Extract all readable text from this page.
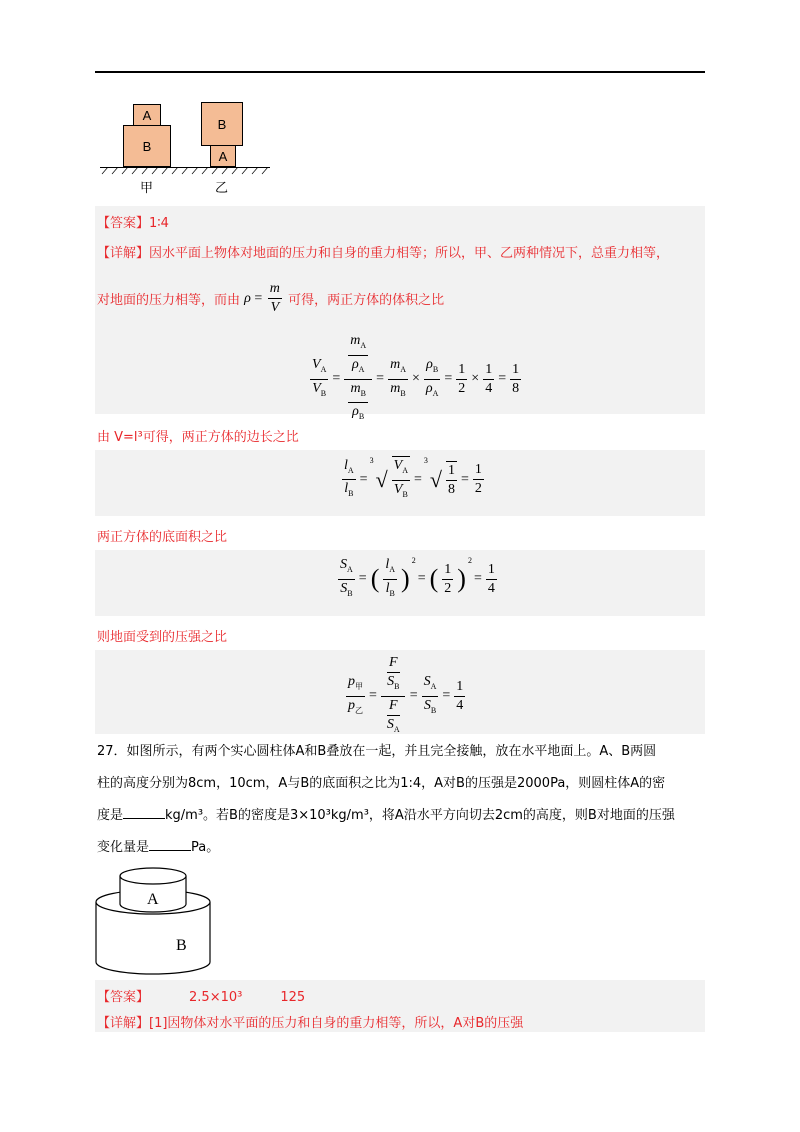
A
B
B
A
甲	乙
【答案】1∶4
【详解】因水平面上物体对地面的压力和自身的重力相等；所以，甲、乙两种情况下，总重力相等，
对地面的压力相等，而由 $\rho = \frac{m}{V}$ 可得，两正方体的体积之比
$\frac{V_A}{V_B} = \frac{\frac{m_A}{\rho_A}}{\frac{m_B}{\rho_B}} = \frac{m_A}{m_B} \times \frac{\rho_B}{\rho_A} = \frac{1}{2} \times \frac{1}{4} = \frac{1}{8}$
由 V=l³可得，两正方体的边长之比
$\frac{l_A}{l_B} =^3√ \frac{V_A}{V_B} =^3√ \frac{1}{8} = \frac{1}{2}$
两正方体的底面积之比
$\frac{S_A}{S_B}$ = ( $\frac{l_A}{l_B} )^2=$ ( $\frac{1}{2} )^2= \frac{1}{4}$
则地面受到的压强之比
$\frac{p_甲}{p_乙} = \frac{\frac{F}{S_B}}{\frac{F}{S_A}} = \frac{S_A}{S_B} = \frac{1}{4}$
27．如图所示，有两个实心圆柱体A和B叠放在一起，并且完全接触，放在水平地面上。A、B两圆
柱的高度分别为8cm，10cm，A与B的底面积之比为1:4，A对B的压强是2000Pa，则圆柱体A的密
度是	kg/m³。若B的密度是3×10³kg/m³，将A沿水平方向切去2cm的高度，则B对地面的压强
变化量是	Pa。
A
B
【答案】	2.5×10³	125
【详解】[1]因物体对水平面的压力和自身的重力相等，所以，A对B的压强
